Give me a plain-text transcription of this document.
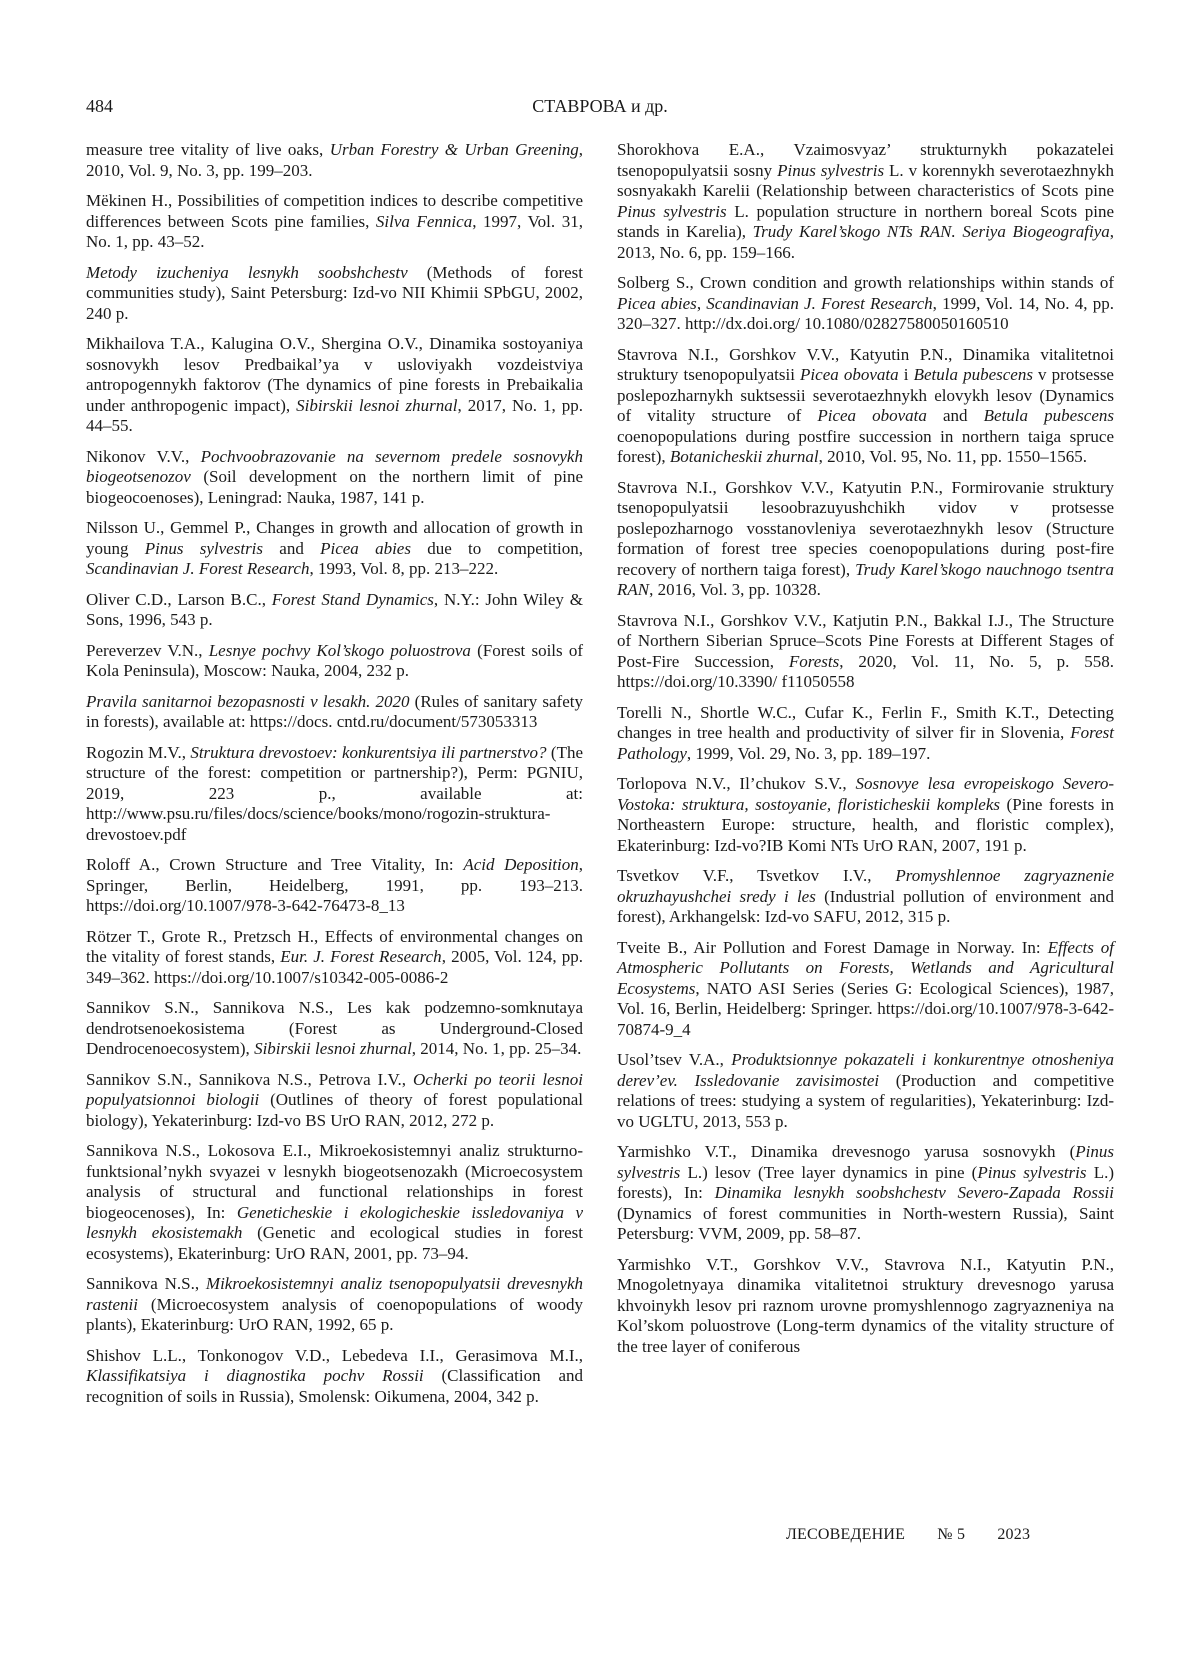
484	СТАВРОВА и др.

measure tree vitality of live oaks, Urban Forestry & Urban Greening, 2010, Vol. 9, No. 3, pp. 199–203.

Mëkinen H., Possibilities of competition indices to describe competitive differences between Scots pine families, Silva Fennica, 1997, Vol. 31, No. 1, pp. 43–52.

Metody izucheniya lesnykh soobshchestv (Methods of forest communities study), Saint Petersburg: Izd-vo NII Khimii SPbGU, 2002, 240 p.

Mikhailova T.A., Kalugina O.V., Shergina O.V., Dinamika sostoyaniya sosnovykh lesov Predbaikal’ya v usloviyakh vozdeistviya antropogennykh faktorov (The dynamics of pine forests in Prebaikalia under anthropogenic impact), Sibirskii lesnoi zhurnal, 2017, No. 1, pp. 44–55.

Nikonov V.V., Pochvoobrazovanie na severnom predele sosnovykh biogeotsenozov (Soil development on the northern limit of pine biogeocoenoses), Leningrad: Nauka, 1987, 141 p.

Nilsson U., Gemmel P., Changes in growth and allocation of growth in young Pinus sylvestris and Picea abies due to competition, Scandinavian J. Forest Research, 1993, Vol. 8, pp. 213–222.

Oliver C.D., Larson B.C., Forest Stand Dynamics, N.Y.: John Wiley & Sons, 1996, 543 p.

Pereverzev V.N., Lesnye pochvy Kol’skogo poluostrova (Forest soils of Kola Peninsula), Moscow: Nauka, 2004, 232 p.

Pravila sanitarnoi bezopasnosti v lesakh. 2020 (Rules of sanitary safety in forests), available at: https://docs. cntd.ru/document/573053313

Rogozin M.V., Struktura drevostoev: konkurentsiya ili partnerstvo? (The structure of the forest: competition or partnership?), Perm: PGNIU, 2019, 223 p., available at: http://www.psu.ru/files/docs/science/books/mono/rogozin-struktura-drevostoev.pdf

Roloff A., Crown Structure and Tree Vitality, In: Acid Deposition, Springer, Berlin, Heidelberg, 1991, pp. 193–213. https://doi.org/10.1007/978-3-642-76473-8_13

Rötzer T., Grote R., Pretzsch H., Effects of environmental changes on the vitality of forest stands, Eur. J. Forest Research, 2005, Vol. 124, pp. 349–362. https://doi.org/10.1007/s10342-005-0086-2

Sannikov S.N., Sannikova N.S., Les kak podzemno-somknutaya dendrotsenoekosistema (Forest as Underground-Closed Dendrocenoecosystem), Sibirskii lesnoi zhurnal, 2014, No. 1, pp. 25–34.

Sannikov S.N., Sannikova N.S., Petrova I.V., Ocherki po teorii lesnoi populyatsionnoi biologii (Outlines of theory of forest populational biology), Yekaterinburg: Izd-vo BS UrO RAN, 2012, 272 p.

Sannikova N.S., Lokosova E.I., Mikroekosistemnyi analiz strukturno-funktsional’nykh svyazei v lesnykh biogeotsenozakh (Microecosystem analysis of structural and functional relationships in forest biogeocenoses), In: Geneticheskie i ekologicheskie issledovaniya v lesnykh ekosistemakh (Genetic and ecological studies in forest ecosystems), Ekaterinburg: UrO RAN, 2001, pp. 73–94.

Sannikova N.S., Mikroekosistemnyi analiz tsenopopulyatsii drevesnykh rastenii (Microecosystem analysis of coenopopulations of woody plants), Ekaterinburg: UrO RAN, 1992, 65 p.

Shishov L.L., Tonkonogov V.D., Lebedeva I.I., Gerasimova M.I., Klassifikatsiya i diagnostika pochv Rossii (Classification and recognition of soils in Russia), Smolensk: Oikumena, 2004, 342 p.

Shorokhova E.A., Vzaimosvyaz’ strukturnykh pokazatelei tsenopopulyatsii sosny Pinus sylvestris L. v korennykh severotaezhnykh sosnyakakh Karelii (Relationship between characteristics of Scots pine Pinus sylvestris L. population structure in northern boreal Scots pine stands in Karelia), Trudy Karel’skogo NTs RAN. Seriya Biogeografiya, 2013, No. 6, pp. 159–166.

Solberg S., Crown condition and growth relationships within stands of Picea abies, Scandinavian J. Forest Research, 1999, Vol. 14, No. 4, pp. 320–327. http://dx.doi.org/ 10.1080/02827580050160510

Stavrova N.I., Gorshkov V.V., Katyutin P.N., Dinamika vitalitetnoi struktury tsenopopulyatsii Picea obovata i Betula pubescens v protsesse poslepozharnykh suktsessii severotaezhnykh elovykh lesov (Dynamics of vitality structure of Picea obovata and Betula pubescens coenopopulations during postfire succession in northern taiga spruce forest), Botanicheskii zhurnal, 2010, Vol. 95, No. 11, pp. 1550–1565.

Stavrova N.I., Gorshkov V.V., Katyutin P.N., Formirovanie struktury tsenopopulyatsii lesoobrazuyushchikh vidov v protsesse poslepozharnogo vosstanovleniya severotaezhnykh lesov (Structure formation of forest tree species coenopopulations during post-fire recovery of northern taiga forest), Trudy Karel’skogo nauchnogo tsentra RAN, 2016, Vol. 3, pp. 10328.

Stavrova N.I., Gorshkov V.V., Katjutin P.N., Bakkal I.J., The Structure of Northern Siberian Spruce–Scots Pine Forests at Different Stages of Post-Fire Succession, Forests, 2020, Vol. 11, No. 5, p. 558. https://doi.org/10.3390/ f11050558

Torelli N., Shortle W.C., Cufar K., Ferlin F., Smith K.T., Detecting changes in tree health and productivity of silver fir in Slovenia, Forest Pathology, 1999, Vol. 29, No. 3, pp. 189–197.

Torlopova N.V., Il’chukov S.V., Sosnovye lesa evropeiskogo Severo-Vostoka: struktura, sostoyanie, floristicheskii kompleks (Pine forests in Northeastern Europe: structure, health, and floristic complex), Ekaterinburg: Izd-vo?IB Komi NTs UrO RAN, 2007, 191 p.

Tsvetkov V.F., Tsvetkov I.V., Promyshlennoe zagryaznenie okruzhayushchei sredy i les (Industrial pollution of environment and forest), Arkhangelsk: Izd-vo SAFU, 2012, 315 p.

Tveite B., Air Pollution and Forest Damage in Norway. In: Effects of Atmospheric Pollutants on Forests, Wetlands and Agricultural Ecosystems, NATO ASI Series (Series G: Ecological Sciences), 1987, Vol. 16, Berlin, Heidelberg: Springer. https://doi.org/10.1007/978-3-642-70874-9_4

Usol’tsev V.A., Produktsionnye pokazateli i konkurentnye otnosheniya derev’ev. Issledovanie zavisimostei (Production and competitive relations of trees: studying a system of regularities), Yekaterinburg: Izd-vo UGLTU, 2013, 553 p.

Yarmishko V.T., Dinamika drevesnogo yarusa sosnovykh (Pinus sylvestris L.) lesov (Tree layer dynamics in pine (Pinus sylvestris L.) forests), In: Dinamika lesnykh soobshchestv Severo-Zapada Rossii (Dynamics of forest communities in North-western Russia), Saint Petersburg: VVM, 2009, pp. 58–87.

Yarmishko V.T., Gorshkov V.V., Stavrova N.I., Katyutin P.N., Mnogoletnyaya dinamika vitalitetnoi struktury drevesnogo yarusa khvoinykh lesov pri raznom urovne promyshlennogo zagryazneniya na Kol’skom poluostrove (Long-term dynamics of the vitality structure of the tree layer of coniferous

ЛЕСОВЕДЕНИЕ № 5 2023
